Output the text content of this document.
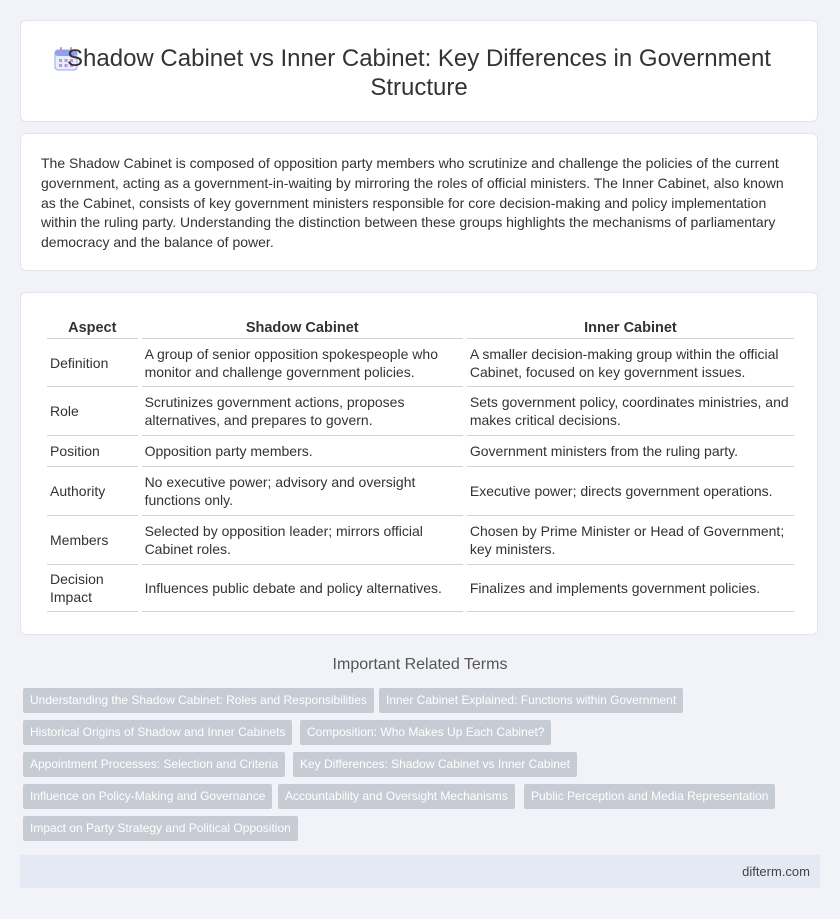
Shadow Cabinet vs Inner Cabinet: Key Differences in Government Structure

The Shadow Cabinet is composed of opposition party members who scrutinize and challenge the policies of the current government, acting as a government-in-waiting by mirroring the roles of official ministers. The Inner Cabinet, also known as the Cabinet, consists of key government ministers responsible for core decision-making and policy implementation within the ruling party. Understanding the distinction between these groups highlights the mechanisms of parliamentary democracy and the balance of power.

Aspect	Shadow Cabinet	Inner Cabinet
Definition	A group of senior opposition spokespeople who monitor and challenge government policies.	A smaller decision-making group within the official Cabinet, focused on key government issues.
Role	Scrutinizes government actions, proposes alternatives, and prepares to govern.	Sets government policy, coordinates ministries, and makes critical decisions.
Position	Opposition party members.	Government ministers from the ruling party.
Authority	No executive power; advisory and oversight functions only.	Executive power; directs government operations.
Members	Selected by opposition leader; mirrors official Cabinet roles.	Chosen by Prime Minister or Head of Government; key ministers.
Decision Impact	Influences public debate and policy alternatives.	Finalizes and implements government policies.
Important Related Terms
Understanding the Shadow Cabinet: Roles and Responsibilities	Inner Cabinet Explained: Functions within Government
Historical Origins of Shadow and Inner Cabinets	Composition: Who Makes Up Each Cabinet?
Appointment Processes: Selection and Criteria	Key Differences: Shadow Cabinet vs Inner Cabinet
Influence on Policy-Making and Governance	Accountability and Oversight Mechanisms	Public Perception and Media Representation
Impact on Party Strategy and Political Opposition
difterm.com
